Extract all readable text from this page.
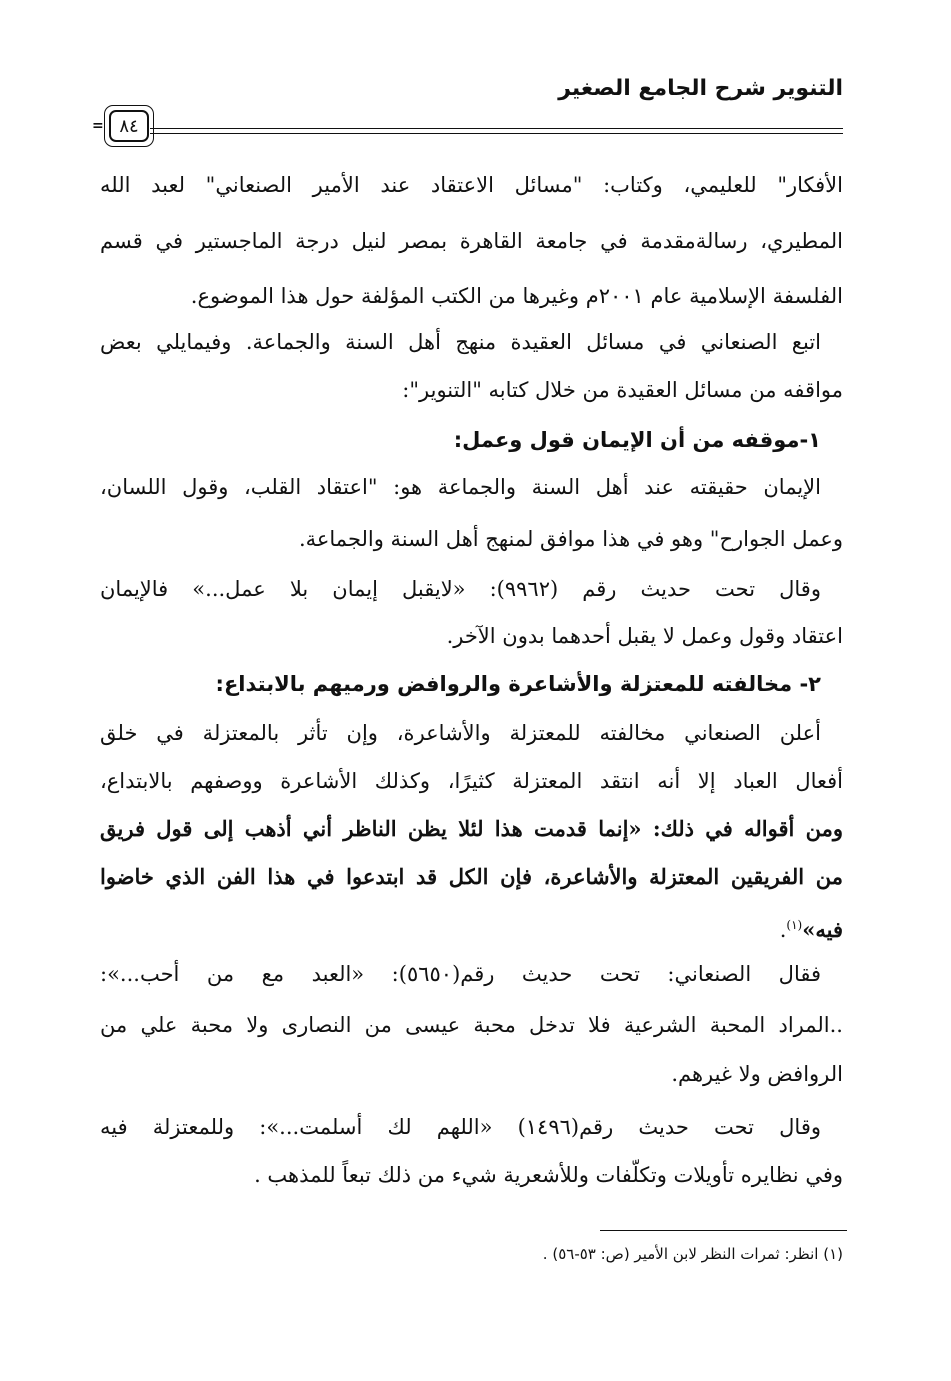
التنوير شرح الجامع الصغير
٨٤
=
الأفكار" للعليمي، وكتاب: "مسائل الاعتقاد عند الأمير الصنعاني" لعبد الله
المطيري، رسالةمقدمة في جامعة القاهرة بمصر لنيل درجة الماجستير في قسم
الفلسفة الإسلامية عام ٢٠٠١م وغيرها من الكتب المؤلفة حول هذا الموضوع.
اتبع الصنعاني في مسائل العقيدة منهج أهل السنة والجماعة. وفيمايلي بعض
مواقفه من مسائل العقيدة من خلال كتابه "التنوير":
١-موقفه من أن الإيمان قول وعمل:
الإيمان حقيقته عند أهل السنة والجماعة هو: "اعتقاد القلب، وقول اللسان،
وعمل الجوارح" وهو في هذا موافق لمنهج أهل السنة والجماعة.
وقال تحت حديث رقم (٩٩٦٢): «لايقبل إيمان بلا عمل...» فالإيمان
اعتقاد وقول وعمل لا يقبل أحدهما بدون الآخر.
٢- مخالفته للمعتزلة والأشاعرة والروافض ورميهم بالابتداع:
أعلن الصنعاني مخالفته للمعتزلة والأشاعرة، وإن تأثر بالمعتزلة في خلق
أفعال العباد إلا أنه انتقد المعتزلة كثيرًا، وكذلك الأشاعرة ووصفهم بالابتداع،
ومن أقواله في ذلك: «إنما قدمت هذا لئلا يظن الناظر أني أذهب إلى قول فريق
من الفريقين المعتزلة والأشاعرة، فإن الكل قد ابتدعوا في هذا الفن الذي خاضوا
فيه»$^{(١)}$.
فقال الصنعاني: تحت حديث رقم(٥٦٥٠): «العبد مع من أحب...»:
..المراد المحبة الشرعية فلا تدخل محبة عيسى من النصارى ولا محبة علي من
الروافض ولا غيرهم.
وقال تحت حديث رقم(١٤٩٦) «اللهم لك أسلمت...»: وللمعتزلة فيه
وفي نظايره تأويلات وتكلّفات وللأشعرية شيء من ذلك تبعاً للمذهب .
(١) انظر: ثمرات النظر لابن الأمير (ص: ٥٣-٥٦) .
